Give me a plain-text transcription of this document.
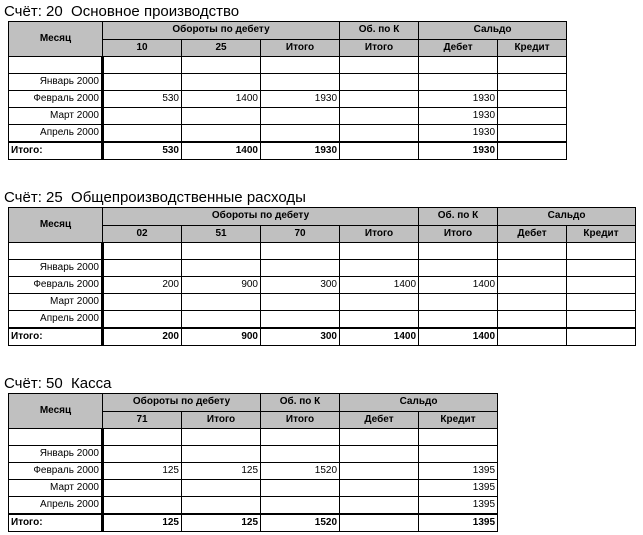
Счёт: 20  Основное производство
Месяц	Обороты по дебету			Об. по К	Сальдо	
	10	25	Итого	Итого	Дебет	Кредит

Январь 2000						
Февраль 2000	530	1400	1930		1930	
Март 2000					1930	
Апрель 2000					1930	
Итого:	530	1400	1930		1930	
Счёт: 25  Общепроизводственные расходы
Месяц	Обороты по дебету				Об. по К	Сальдо	
	02	51	70	Итого	Итого	Дебет	Кредит

Январь 2000							
Февраль 2000	200	900	300	1400	1400		
Март 2000							
Апрель 2000							
Итого:	200	900	300	1400	1400		
Счёт: 50  Касса
Месяц	Обороты по дебету		Об. по К	Сальдо	
	71	Итого	Итого	Дебет	Кредит

Январь 2000					
Февраль 2000	125	125	1520		1395
Март 2000					1395
Апрель 2000					1395
Итого:	125	125	1520		1395
